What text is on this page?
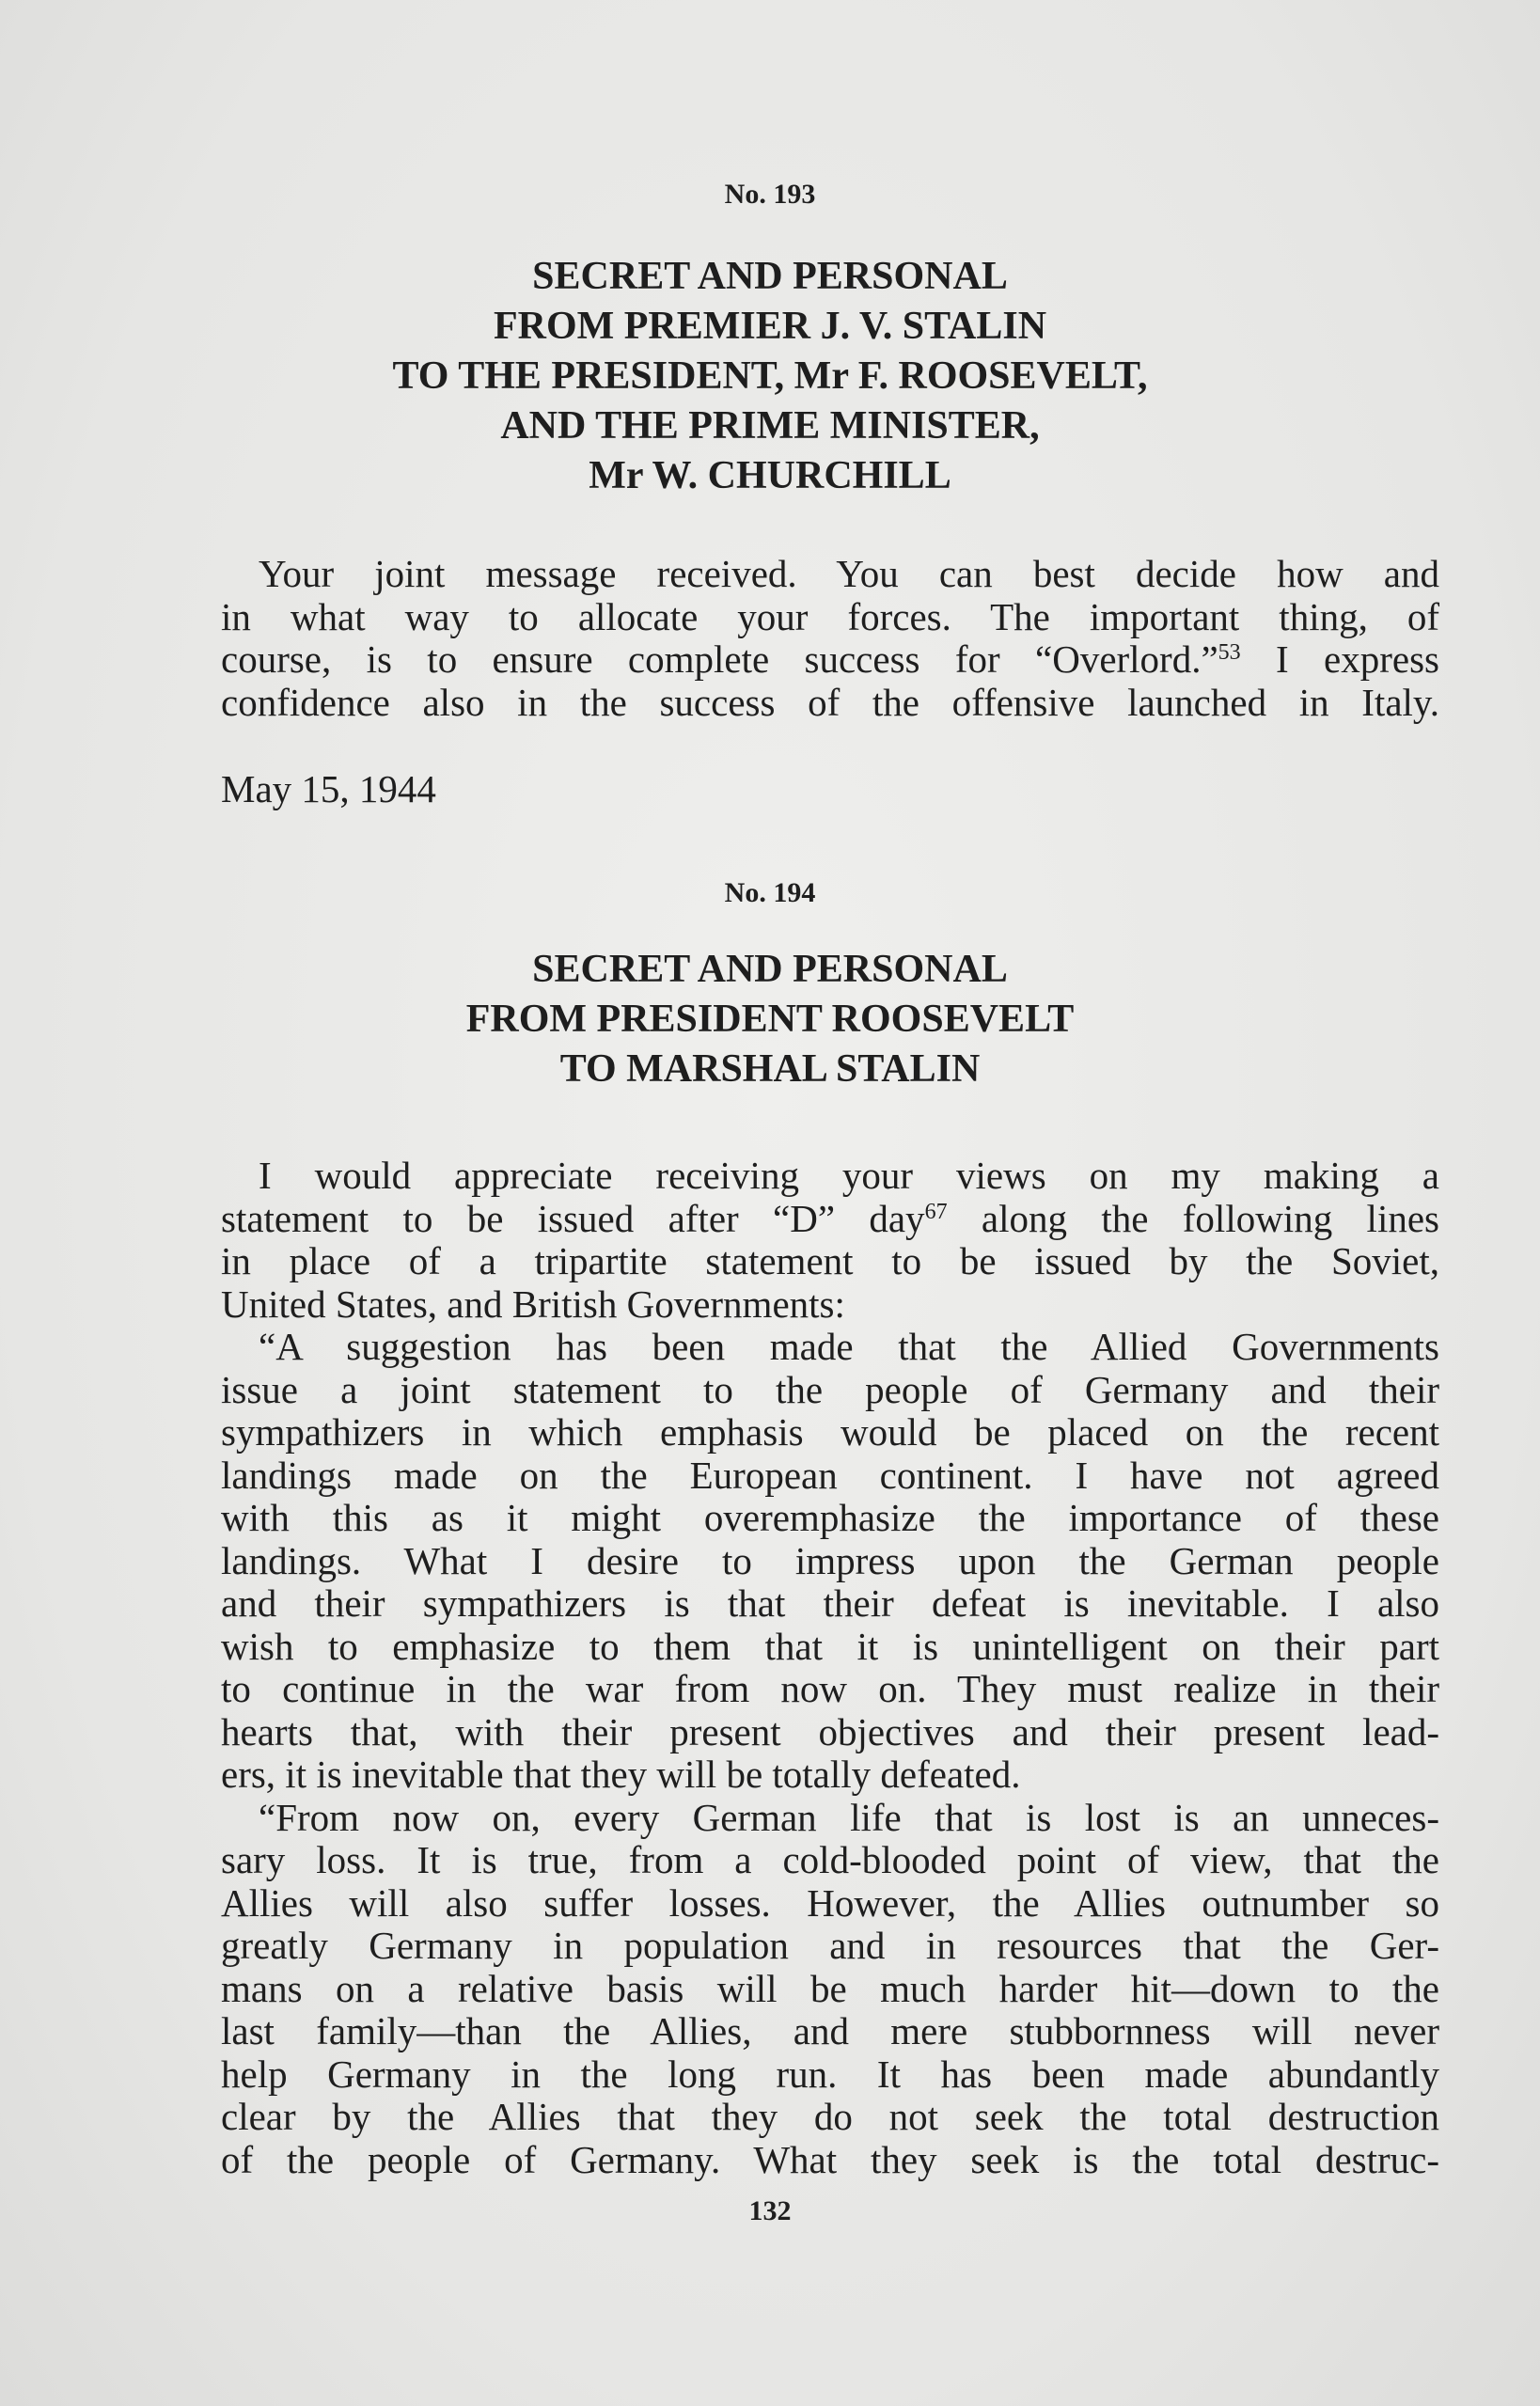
No. 193
SECRET AND PERSONAL
FROM PREMIER J. V. STALIN
TO THE PRESIDENT, Mr F. ROOSEVELT,
AND THE PRIME MINISTER,
Mr W. CHURCHILL
Your joint message received. You can best decide how and
in what way to allocate your forces. The important thing, of
course, is to ensure complete success for “Overlord.”$^{53}$ I express
confidence also in the success of the offensive launched in Italy.
May 15, 1944
No. 194
SECRET AND PERSONAL
FROM PRESIDENT ROOSEVELT
TO MARSHAL STALIN
I would appreciate receiving your views on my making a
statement to be issued after “D” day$^{67}$ along the following lines
in place of a tripartite statement to be issued by the Soviet,
United States, and British Governments:
“A suggestion has been made that the Allied Governments
issue a joint statement to the people of Germany and their
sympathizers in which emphasis would be placed on the recent
landings made on the European continent. I have not agreed
with this as it might overemphasize the importance of these
landings. What I desire to impress upon the German people
and their sympathizers is that their defeat is inevitable. I also
wish to emphasize to them that it is unintelligent on their part
to continue in the war from now on. They must realize in their
hearts that, with their present objectives and their present lead-
ers, it is inevitable that they will be totally defeated.
“From now on, every German life that is lost is an unneces-
sary loss. It is true, from a cold-blooded point of view, that the
Allies will also suffer losses. However, the Allies outnumber so
greatly Germany in population and in resources that the Ger-
mans on a relative basis will be much harder hit—down to the
last family—than the Allies, and mere stubbornness will never
help Germany in the long run. It has been made abundantly
clear by the Allies that they do not seek the total destruction
of the people of Germany. What they seek is the total destruc-
132
